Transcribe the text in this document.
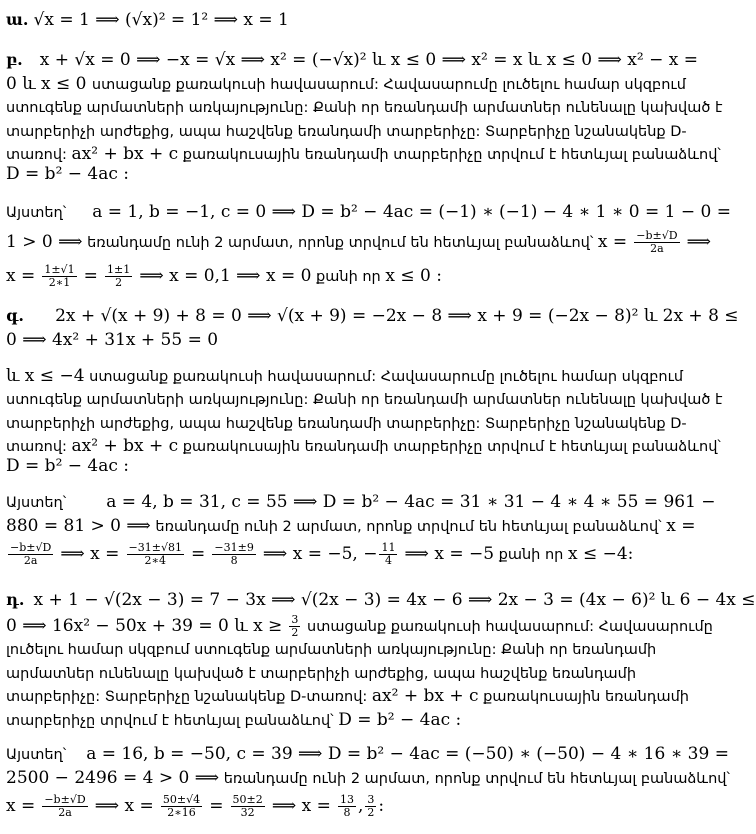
ա. √x = 1 ⟹ (√x)² = 1² ⟹ x = 1
բ. x + √x = 0 ⟹ −x = √x ⟹ x² = (−√x)² և x ≤ 0 ⟹ x² = x և x ≤ 0 ⟹ x² − x =
0 և x ≤ 0 ստացանք քառակուսի հավասարում: Հավասարումը լուծելու համար սկզբում
ստուգենք արմատների առկայությունը: Քանի որ եռանդամի արմատներ ունենալը կախված է
տարբերիչի արժեքից, ապա հաշվենք եռանդամի տարբերիչը: Տարբերիչը նշանակենք D-
տառով: ax² + bx + c քառակուսային եռանդամի տարբերիչը տրվում է հետևյալ բանաձևով՝
D = b² − 4ac :
Այստեղ՝ a = 1, b = −1, c = 0 ⟹ D = b² − 4ac = (−1) ∗ (−1) − 4 ∗ 1 ∗ 0 = 1 − 0 =
1 > 0 ⟹ եռանդամը ունի 2 արմատ, որոնք տրվում են հետևյալ բանաձևով՝ $x = \frac{-b\pm√D}{2a}$ ⟹
$x = \frac{1\pm√1}{2∗1} = \frac{1\pm 1}{2}$ ⟹ x = 0,1 ⟹ x = 0 քանի որ x ≤ 0 :
գ. 2x + √(x + 9) + 8 = 0 ⟹ √(x + 9) = −2x − 8 ⟹ x + 9 = (−2x − 8)² և 2x + 8 ≤
0 ⟹ 4x² + 31x + 55 = 0
և x ≤ −4 ստացանք քառակուսի հավասարում: Հավասարումը լուծելու համար սկզբում
ստուգենք արմատների առկայությունը: Քանի որ եռանդամի արմատներ ունենալը կախված է
տարբերիչի արժեքից, ապա հաշվենք եռանդամի տարբերիչը: Տարբերիչը նշանակենք D-
տառով: ax² + bx + c քառակուսային եռանդամի տարբերիչը տրվում է հետևյալ բանաձևով՝
D = b² − 4ac :
Այստեղ՝ a = 4, b = 31, c = 55 ⟹ D = b² − 4ac = 31 ∗ 31 − 4 ∗ 4 ∗ 55 = 961 −
880 = 81 > 0 ⟹ եռանդամը ունի 2 արմատ, որոնք տրվում են հետևյալ բանաձևով՝ x =
$\frac{-b\pm√D}{2a}$ ⟹ $x = \frac{-31\pm√81}{2∗4} = \frac{-31\pm 9}{8}$ ⟹ x = −5, − $\frac{11}{4}$ ⟹ x = −5 քանի որ x ≤ −4:
դ. x + 1 − √(2x − 3) = 7 − 3x ⟹ √(2x − 3) = 4x − 6 ⟹ 2x − 3 = (4x − 6)² և 6 − 4x ≤
0 ⟹ 16x² − 50x + 39 = 0 և $x \ge \frac{3}{2}$ ստացանք քառակուսի հավասարում: Հավասարումը
լուծելու համար սկզբում ստուգենք արմատների առկայությունը: Քանի որ եռանդամի
արմատներ ունենալը կախված է տարբերիչի արժեքից, ապա հաշվենք եռանդամի
տարբերիչը: Տարբերիչը նշանակենք D-տառով: ax² + bx + c քառակուսային եռանդամի
տարբերիչը տրվում է հետևյալ բանաձևով՝ D = b² − 4ac :
Այստեղ՝ a = 16, b = −50, c = 39 ⟹ D = b² − 4ac = (−50) ∗ (−50) − 4 ∗ 16 ∗ 39 =
2500 − 2496 = 4 > 0 ⟹ եռանդամը ունի 2 արմատ, որոնք տրվում են հետևյալ բանաձևով՝
$x = \frac{-b\pm√D}{2a}$ ⟹ $x = \frac{50\pm√4}{2∗16} = \frac{50\pm 2}{32}$ ⟹ $x = \frac{13}{8}$ , $\frac{3}{2}$ :
